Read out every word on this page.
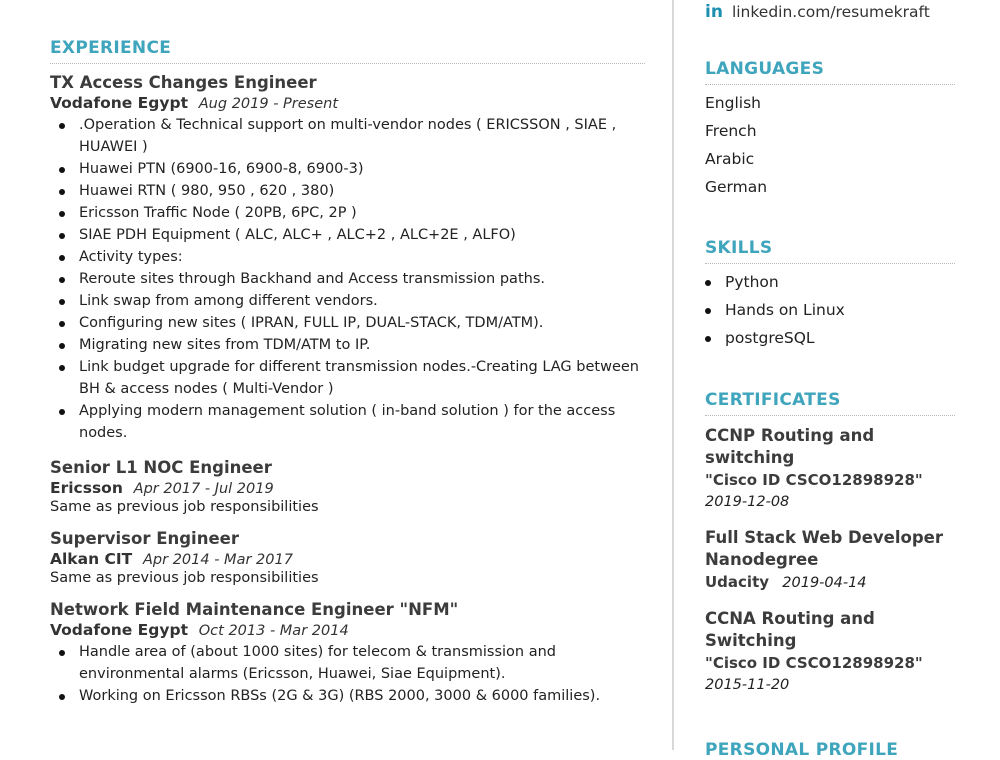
EXPERIENCE
TX Access Changes Engineer
Vodafone Egypt Aug 2019 - Present
.Operation & Technical support on multi-vendor nodes ( ERICSSON , SIAE , HUAWEI )
Huawei PTN (6900-16, 6900-8, 6900-3)
Huawei RTN ( 980, 950 , 620 , 380)
Ericsson Traffic Node ( 20PB, 6PC, 2P )
SIAE PDH Equipment ( ALC, ALC+ , ALC+2 , ALC+2E , ALFO)
Activity types:
Reroute sites through Backhand and Access transmission paths.
Link swap from among different vendors.
Configuring new sites ( IPRAN, FULL IP, DUAL-STACK, TDM/ATM).
Migrating new sites from TDM/ATM to IP.
Link budget upgrade for different transmission nodes.-Creating LAG between BH & access nodes ( Multi-Vendor )
Applying modern management solution ( in-band solution ) for the access nodes.
Senior L1 NOC Engineer
Ericsson Apr 2017 - Jul 2019
Same as previous job responsibilities
Supervisor Engineer
Alkan CIT Apr 2014 - Mar 2017
Same as previous job responsibilities
Network Field Maintenance Engineer "NFM"
Vodafone Egypt Oct 2013 - Mar 2014
Handle area of (about 1000 sites) for telecom & transmission and environmental alarms (Ericsson, Huawei, Siae Equipment).
Working on Ericsson RBSs (2G & 3G) (RBS 2000, 3000 & 6000 families).
in linkedin.com/resumekraft
LANGUAGES
English
French
Arabic
German
SKILLS
Python
Hands on Linux
postgreSQL
CERTIFICATES
CCNP Routing and switching
"Cisco ID CSCO12898928"
2019-12-08
Full Stack Web Developer Nanodegree
Udacity 2019-04-14
CCNA Routing and Switching
"Cisco ID CSCO12898928"
2015-11-20
PERSONAL PROFILE
